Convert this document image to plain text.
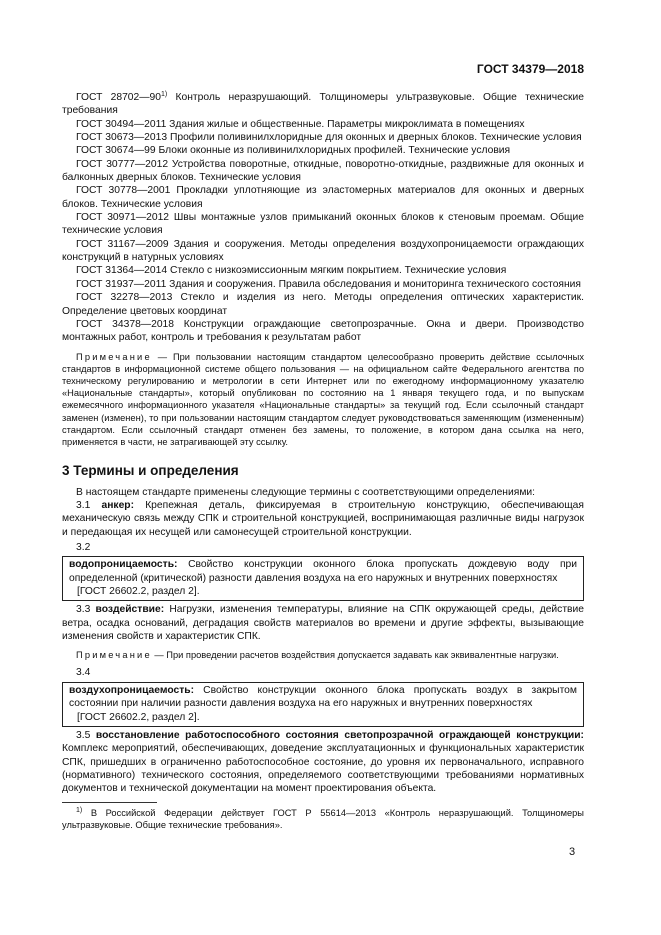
ГОСТ 34379—2018

ГОСТ 28702—90$^{1)}$ Контроль неразрушающий. Толщиномеры ультразвуковые. Общие технические требования

ГОСТ 30494—2011 Здания жилые и общественные. Параметры микроклимата в помещениях

ГОСТ 30673—2013 Профили поливинилхлоридные для оконных и дверных блоков. Технические условия

ГОСТ 30674—99 Блоки оконные из поливинилхлоридных профилей. Технические условия

ГОСТ 30777—2012 Устройства поворотные, откидные, поворотно-откидные, раздвижные для оконных и балконных дверных блоков. Технические условия

ГОСТ 30778—2001 Прокладки уплотняющие из эластомерных материалов для оконных и дверных блоков. Технические условия

ГОСТ 30971—2012 Швы монтажные узлов примыканий оконных блоков к стеновым проемам. Общие технические условия

ГОСТ 31167—2009 Здания и сооружения. Методы определения воздухопроницаемости ограждающих конструкций в натурных условиях

ГОСТ 31364—2014 Стекло с низкоэмиссионным мягким покрытием. Технические условия

ГОСТ 31937—2011 Здания и сооружения. Правила обследования и мониторинга технического состояния

ГОСТ 32278—2013 Стекло и изделия из него. Методы определения оптических характеристик. Определение цветовых координат

ГОСТ 34378—2018 Конструкции ограждающие светопрозрачные. Окна и двери. Производство монтажных работ, контроль и требования к результатам работ

Примечание — При пользовании настоящим стандартом целесообразно проверить действие ссылочных стандартов в информационной системе общего пользования — на официальном сайте Федерального агентства по техническому регулированию и метрологии в сети Интернет или по ежегодному информационному указателю «Национальные стандарты», который опубликован по состоянию на 1 января текущего года, и по выпускам ежемесячного информационного указателя «Национальные стандарты» за текущий год. Если ссылочный стандарт заменен (изменен), то при пользовании настоящим стандартом следует руководствоваться заменяющим (измененным) стандартом. Если ссылочный стандарт отменен без замены, то положение, в котором дана ссылка на него, применяется в части, не затрагивающей эту ссылку.

3 Термины и определения

В настоящем стандарте применены следующие термины с соответствующими определениями:

3.1 анкер: Крепежная деталь, фиксируемая в строительную конструкцию, обеспечивающая механическую связь между СПК и строительной конструкцией, воспринимающая различные виды нагрузок и передающая их несущей или самонесущей строительной конструкции.

3.2

водопроницаемость: Свойство конструкции оконного блока пропускать дождевую воду при определенной (критической) разности давления воздуха на его наружных и внутренних поверхностях
[ГОСТ 26602.2, раздел 2].

3.3 воздействие: Нагрузки, изменения температуры, влияние на СПК окружающей среды, действие ветра, осадка оснований, деградация свойств материалов во времени и другие эффекты, вызывающие изменения свойств и характеристик СПК.

Примечание — При проведении расчетов воздействия допускается задавать как эквивалентные нагрузки.

3.4

воздухопроницаемость: Свойство конструкции оконного блока пропускать воздух в закрытом состоянии при наличии разности давления воздуха на его наружных и внутренних поверхностях
[ГОСТ 26602.2, раздел 2].

3.5 восстановление работоспособного состояния светопрозрачной ограждающей конструкции: Комплекс мероприятий, обеспечивающих, доведение эксплуатационных и функциональных характеристик СПК, пришедших в ограниченно работоспособное состояние, до уровня их первоначального, исправного (нормативного) технического состояния, определяемого соответствующими требованиями нормативных документов и технической документации на момент проектирования объекта.

$^{1)}$ В Российской Федерации действует ГОСТ Р 55614—2013 «Контроль неразрушающий. Толщиномеры ультразвуковые. Общие технические требования».

3
